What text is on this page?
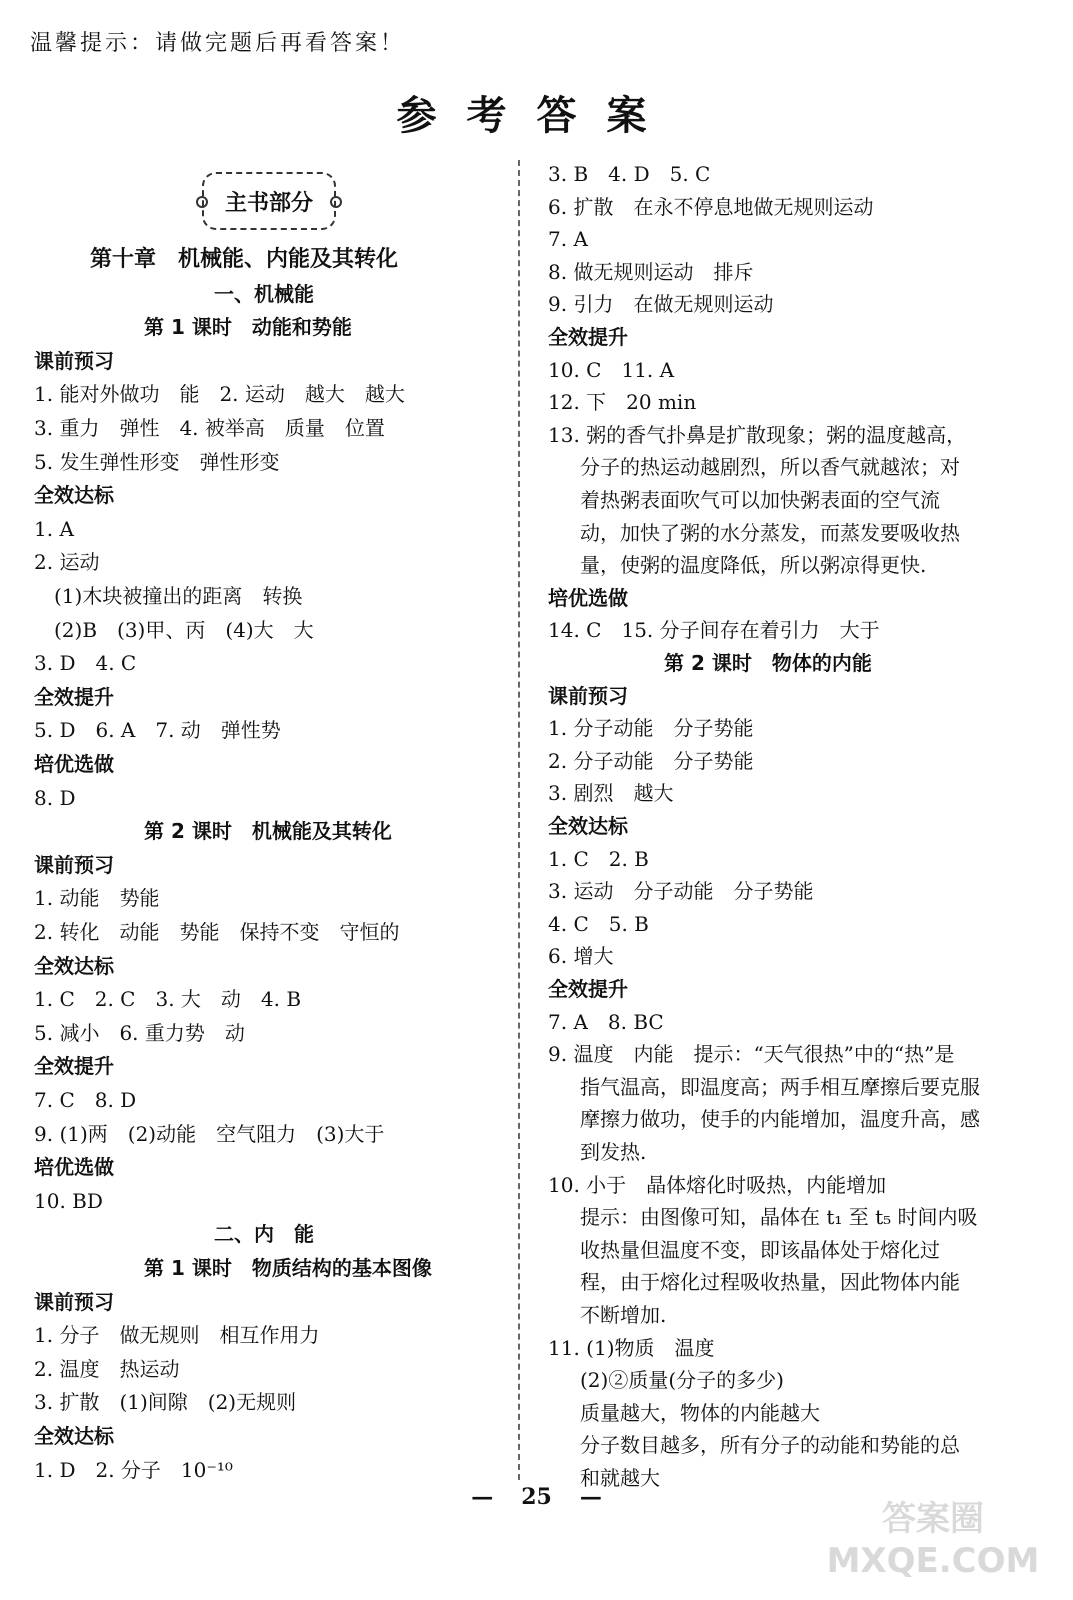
温馨提示：请做完题后再看答案！
参考答案
主书部分
第十章　机械能、内能及其转化
一、机械能
第 1 课时　动能和势能
课前预习
1. 能对外做功　能　2. 运动　越大　越大
3. 重力　弹性　4. 被举高　质量　位置
5. 发生弹性形变　弹性形变
全效达标
1. A
2. 运动
(1)木块被撞出的距离　转换
(2)B　(3)甲、丙　(4)大　大
3. D　4. C
全效提升
5. D　6. A　7. 动　弹性势
培优选做
8. D
第 2 课时　机械能及其转化
课前预习
1. 动能　势能
2. 转化　动能　势能　保持不变　守恒的
全效达标
1. C　2. C　3. 大　动　4. B
5. 减小　6. 重力势　动
全效提升
7. C　8. D
9. (1)两　(2)动能　空气阻力　(3)大于
培优选做
10. BD
二、内　能
第 1 课时　物质结构的基本图像
课前预习
1. 分子　做无规则　相互作用力
2. 温度　热运动
3. 扩散　(1)间隙　(2)无规则
全效达标
1. D　2. 分子　10⁻¹⁰
3. B　4. D　5. C
6. 扩散　在永不停息地做无规则运动
7. A
8. 做无规则运动　排斥
9. 引力　在做无规则运动
全效提升
10. C　11. A
12. 下　20 min
13. 粥的香气扑鼻是扩散现象；粥的温度越高，
分子的热运动越剧烈，所以香气就越浓；对
着热粥表面吹气可以加快粥表面的空气流
动，加快了粥的水分蒸发，而蒸发要吸收热
量，使粥的温度降低，所以粥凉得更快.
培优选做
14. C　15. 分子间存在着引力　大于
第 2 课时　物体的内能
课前预习
1. 分子动能　分子势能
2. 分子动能　分子势能
3. 剧烈　越大
全效达标
1. C　2. B
3. 运动　分子动能　分子势能
4. C　5. B
6. 增大
全效提升
7. A　8. BC
9. 温度　内能　提示：“天气很热”中的“热”是
指气温高，即温度高；两手相互摩擦后要克服
摩擦力做功，使手的内能增加，温度升高，感
到发热.
10. 小于　晶体熔化时吸热，内能增加
提示：由图像可知，晶体在 t₁ 至 t₅ 时间内吸
收热量但温度不变，即该晶体处于熔化过
程，由于熔化过程吸收热量，因此物体内能
不断增加.
11. (1)物质　温度
(2)②质量(分子的多少)
质量越大，物体的内能越大
分子数目越多，所有分子的动能和势能的总
和就越大
— 25 —
答案圈
MXQE.COM
